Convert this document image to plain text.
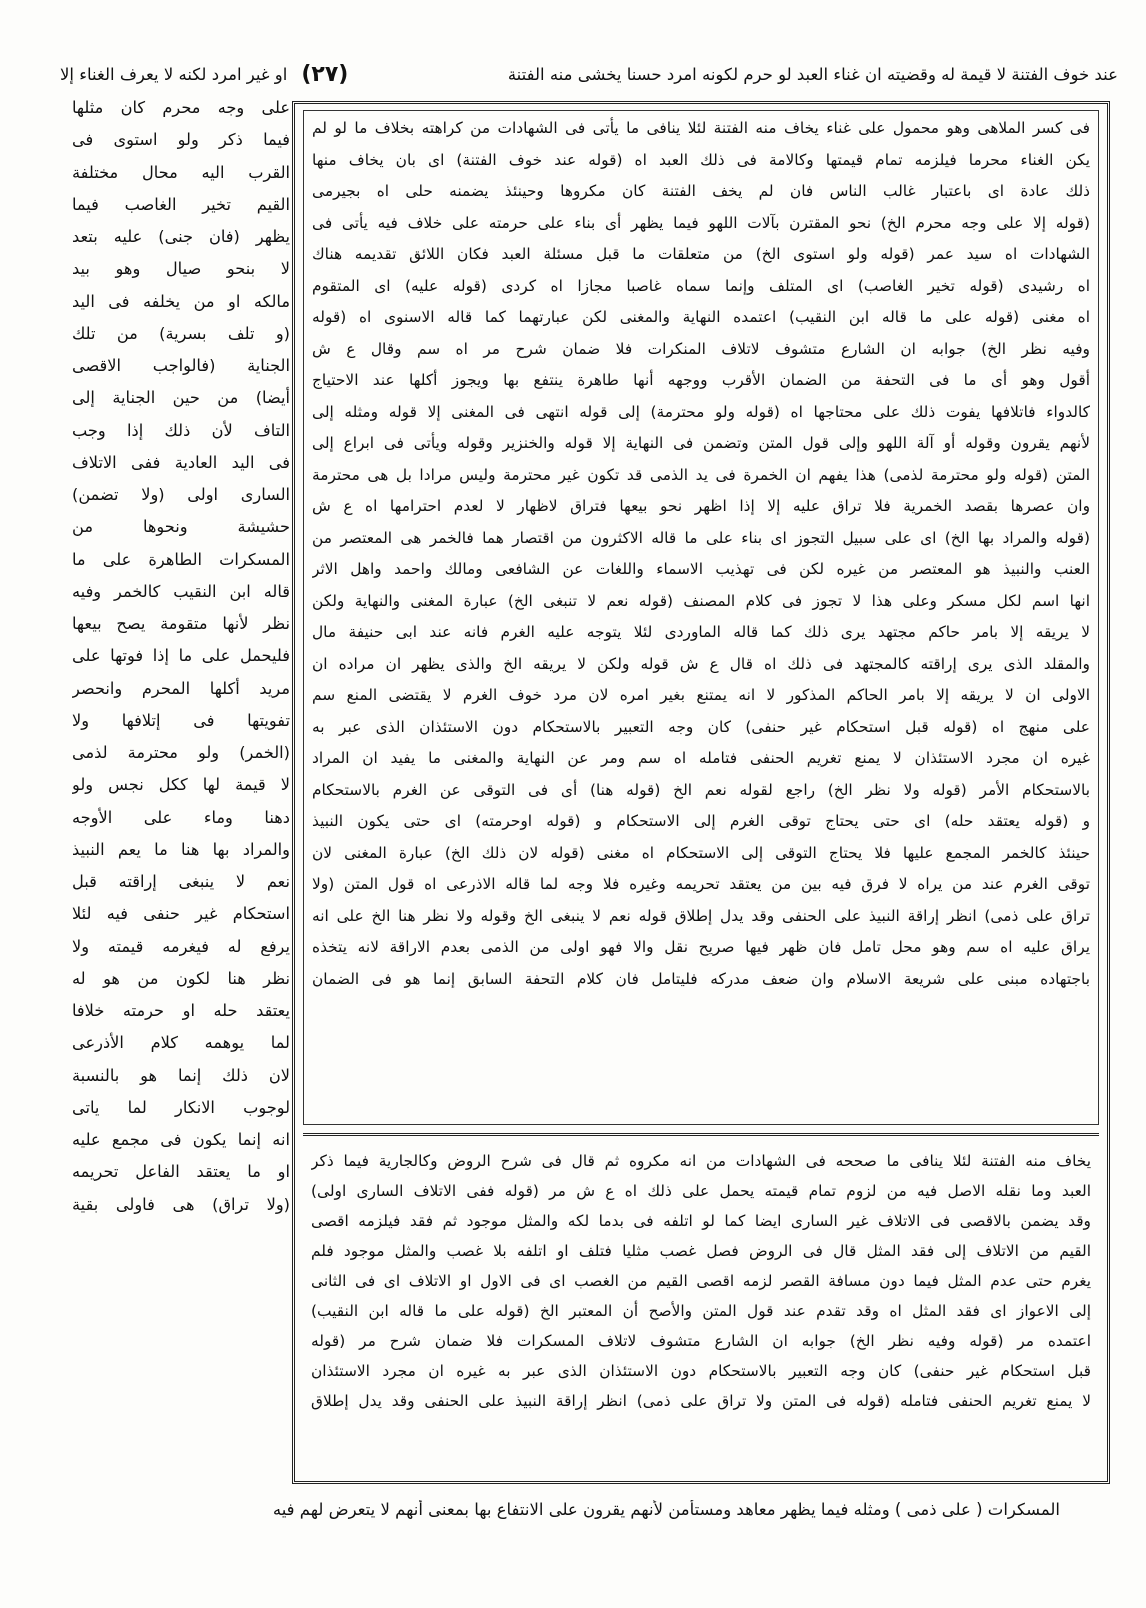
عند خوف الفتنة لا قيمة له وقضيته ان غناء العبد لو حرم لكونه امرد حسنا يخشى منه الفتنة
(٢٧)
او غير امرد لكنه لا يعرف الغناء إلا
على وجه محرم كان مثلها
فيما ذكر ولو استوى فى
القرب اليه محال مختلفة
القيم تخير الغاصب فيما
يظهر (فان جنى) عليه بتعد
لا بنحو صيال وهو بيد
مالكه او من يخلفه فى اليد
(و تلف بسرية) من تلك
الجناية (فالواجب الاقصى
أيضا) من حين الجناية إلى
التاف لأن ذلك إذا وجب
فى اليد العادية ففى الاتلاف
السارى اولى (ولا تضمن)
حشيشة ونحوها من
المسكرات الطاهرة على ما
قاله ابن النقيب كالخمر وفيه
نظر لأنها متقومة يصح بيعها
فليحمل على ما إذا فوتها على
مريد أكلها المحرم وانحصر
تفويتها فى إتلافها ولا
(الخمر) ولو محترمة لذمى
لا قيمة لها ككل نجس ولو
دهنا وماء على الأوجه
والمراد بها هنا ما يعم النبيذ
نعم لا ينبغى إراقته قبل
استحكام غير حنفى فيه لئلا
يرفع له فيغرمه قيمته ولا
نظر هنا لكون من هو له
يعتقد حله او حرمته خلافا
لما يوهمه كلام الأذرعى
لان ذلك إنما هو بالنسبة
لوجوب الانكار لما ياتى
انه إنما يكون فى مجمع عليه
او ما يعتقد الفاعل تحريمه
(ولا تراق) هى فاولى بقية
فى كسر الملاهى وهو محمول على غناء يخاف منه الفتنة لئلا ينافى ما يأتى فى الشهادات من كراهته بخلاف ما لو لم
يكن الغناء محرما فيلزمه تمام قيمتها وكالامة فى ذلك العبد اه (قوله عند خوف الفتنة) اى بان يخاف منها
ذلك عادة اى باعتبار غالب الناس فان لم يخف الفتنة كان مكروها وحينئذ يضمنه حلى اه بجيرمى
(قوله إلا على وجه محرم الخ) نحو المقترن بآلات اللهو فيما يظهر أى بناء على حرمته على خلاف فيه يأتى فى
الشهادات اه سيد عمر (قوله ولو استوى الخ) من متعلقات ما قبل مسئلة العبد فكان اللائق تقديمه هناك
اه رشيدى (قوله تخير الغاصب) اى المتلف وإنما سماه غاصبا مجازا اه كردى (قوله عليه) اى المتقوم
اه مغنى (قوله على ما قاله ابن النقيب) اعتمده النهاية والمغنى لكن عبارتهما كما قاله الاسنوى اه (قوله
وفيه نظر الخ) جوابه ان الشارع متشوف لاتلاف المنكرات فلا ضمان شرح مر اه سم وقال ع ش
أقول وهو أى ما فى التحفة من الضمان الأقرب ووجهه أنها طاهرة ينتفع بها ويجوز أكلها عند الاحتياج
كالدواء فاتلافها يفوت ذلك على محتاجها اه (قوله ولو محترمة) إلى قوله انتهى فى المغنى إلا قوله ومثله إلى
لأنهم يقرون وقوله أو آلة اللهو وإلى قول المتن وتضمن فى النهاية إلا قوله والخنزير وقوله ويأتى فى ابراع إلى
المتن (قوله ولو محترمة لذمى) هذا يفهم ان الخمرة فى يد الذمى قد تكون غير محترمة وليس مرادا بل هى محترمة
وان عصرها بقصد الخمرية فلا تراق عليه إلا إذا اظهر نحو بيعها فتراق لاظهار لا لعدم احترامها اه ع ش
(قوله والمراد بها الخ) اى على سبيل التجوز اى بناء على ما قاله الاكثرون من اقتصار هما فالخمر هى المعتصر من
العنب والنبيذ هو المعتصر من غيره لكن فى تهذيب الاسماء واللغات عن الشافعى ومالك واحمد واهل الاثر
انها اسم لكل مسكر وعلى هذا لا تجوز فى كلام المصنف (قوله نعم لا تنبغى الخ) عبارة المغنى والنهاية ولكن
لا يريقه إلا بامر حاكم مجتهد يرى ذلك كما قاله الماوردى لئلا يتوجه عليه الغرم فانه عند ابى حنيفة مال
والمقلد الذى يرى إراقته كالمجتهد فى ذلك اه قال ع ش قوله ولكن لا يريقه الخ والذى يظهر ان مراده ان
الاولى ان لا يريقه إلا بامر الحاكم المذكور لا انه يمتنع بغير امره لان مرد خوف الغرم لا يقتضى المنع سم
على منهج اه (قوله قبل استحكام غير حنفى) كان وجه التعبير بالاستحكام دون الاستئذان الذى عبر به
غيره ان مجرد الاستئذان لا يمنع تغريم الحنفى فتامله اه سم ومر عن النهاية والمغنى ما يفيد ان المراد
بالاستحكام الأمر (قوله ولا نظر الخ) راجع لقوله نعم الخ (قوله هنا) أى فى التوقى عن الغرم بالاستحكام
و (قوله يعتقد حله) اى حتى يحتاج توقى الغرم إلى الاستحكام و (قوله اوحرمته) اى حتى يكون النبيذ
حينئذ كالخمر المجمع عليها فلا يحتاج التوقى إلى الاستحكام اه مغنى (قوله لان ذلك الخ) عبارة المغنى لان
توقى الغرم عند من يراه لا فرق فيه بين من يعتقد تحريمه وغيره فلا وجه لما قاله الاذرعى اه قول المتن (ولا
تراق على ذمى) انظر إراقة النبيذ على الحنفى وقد يدل إطلاق قوله نعم لا ينبغى الخ وقوله ولا نظر هنا الخ على انه
يراق عليه اه سم وهو محل تامل فان ظهر فيها صريح نقل والا فهو اولى من الذمى بعدم الاراقة لانه يتخذه
باجتهاده مبنى على شريعة الاسلام وان ضعف مدركه فليتامل فان كلام التحفة السابق إنما هو فى الضمان
يخاف منه الفتنة لئلا ينافى ما صححه فى الشهادات من انه مكروه ثم قال فى شرح الروض وكالجارية فيما ذكر
العبد وما نقله الاصل فيه من لزوم تمام قيمته يحمل على ذلك اه ع ش مر (قوله ففى الاتلاف السارى اولى)
وقد يضمن بالاقصى فى الاتلاف غير السارى ايضا كما لو اتلفه فى بدما لكه والمثل موجود ثم فقد فيلزمه اقصى
القيم من الاتلاف إلى فقد المثل قال فى الروض فصل غصب مثليا فتلف او اتلفه بلا غصب والمثل موجود فلم
يغرم حتى عدم المثل فيما دون مسافة القصر لزمه اقصى القيم من الغصب اى فى الاول او الاتلاف اى فى الثانى
إلى الاعواز اى فقد المثل اه وقد تقدم عند قول المتن والأصح أن المعتبر الخ (قوله على ما قاله ابن النقيب)
اعتمده مر (قوله وفيه نظر الخ) جوابه ان الشارع متشوف لاتلاف المسكرات فلا ضمان شرح مر (قوله
قبل استحكام غير حنفى) كان وجه التعبير بالاستحكام دون الاستئذان الذى عبر به غيره ان مجرد الاستئذان
لا يمنع تغريم الحنفى فتامله (قوله فى المتن ولا تراق على ذمى) انظر إراقة النبيذ على الحنفى وقد يدل إطلاق
المسكرات ( على ذمى ) ومثله فيما يظهر معاهد ومستأمن لأنهم يقرون على الانتفاع بها بمعنى أنهم لا يتعرض لهم فيه
